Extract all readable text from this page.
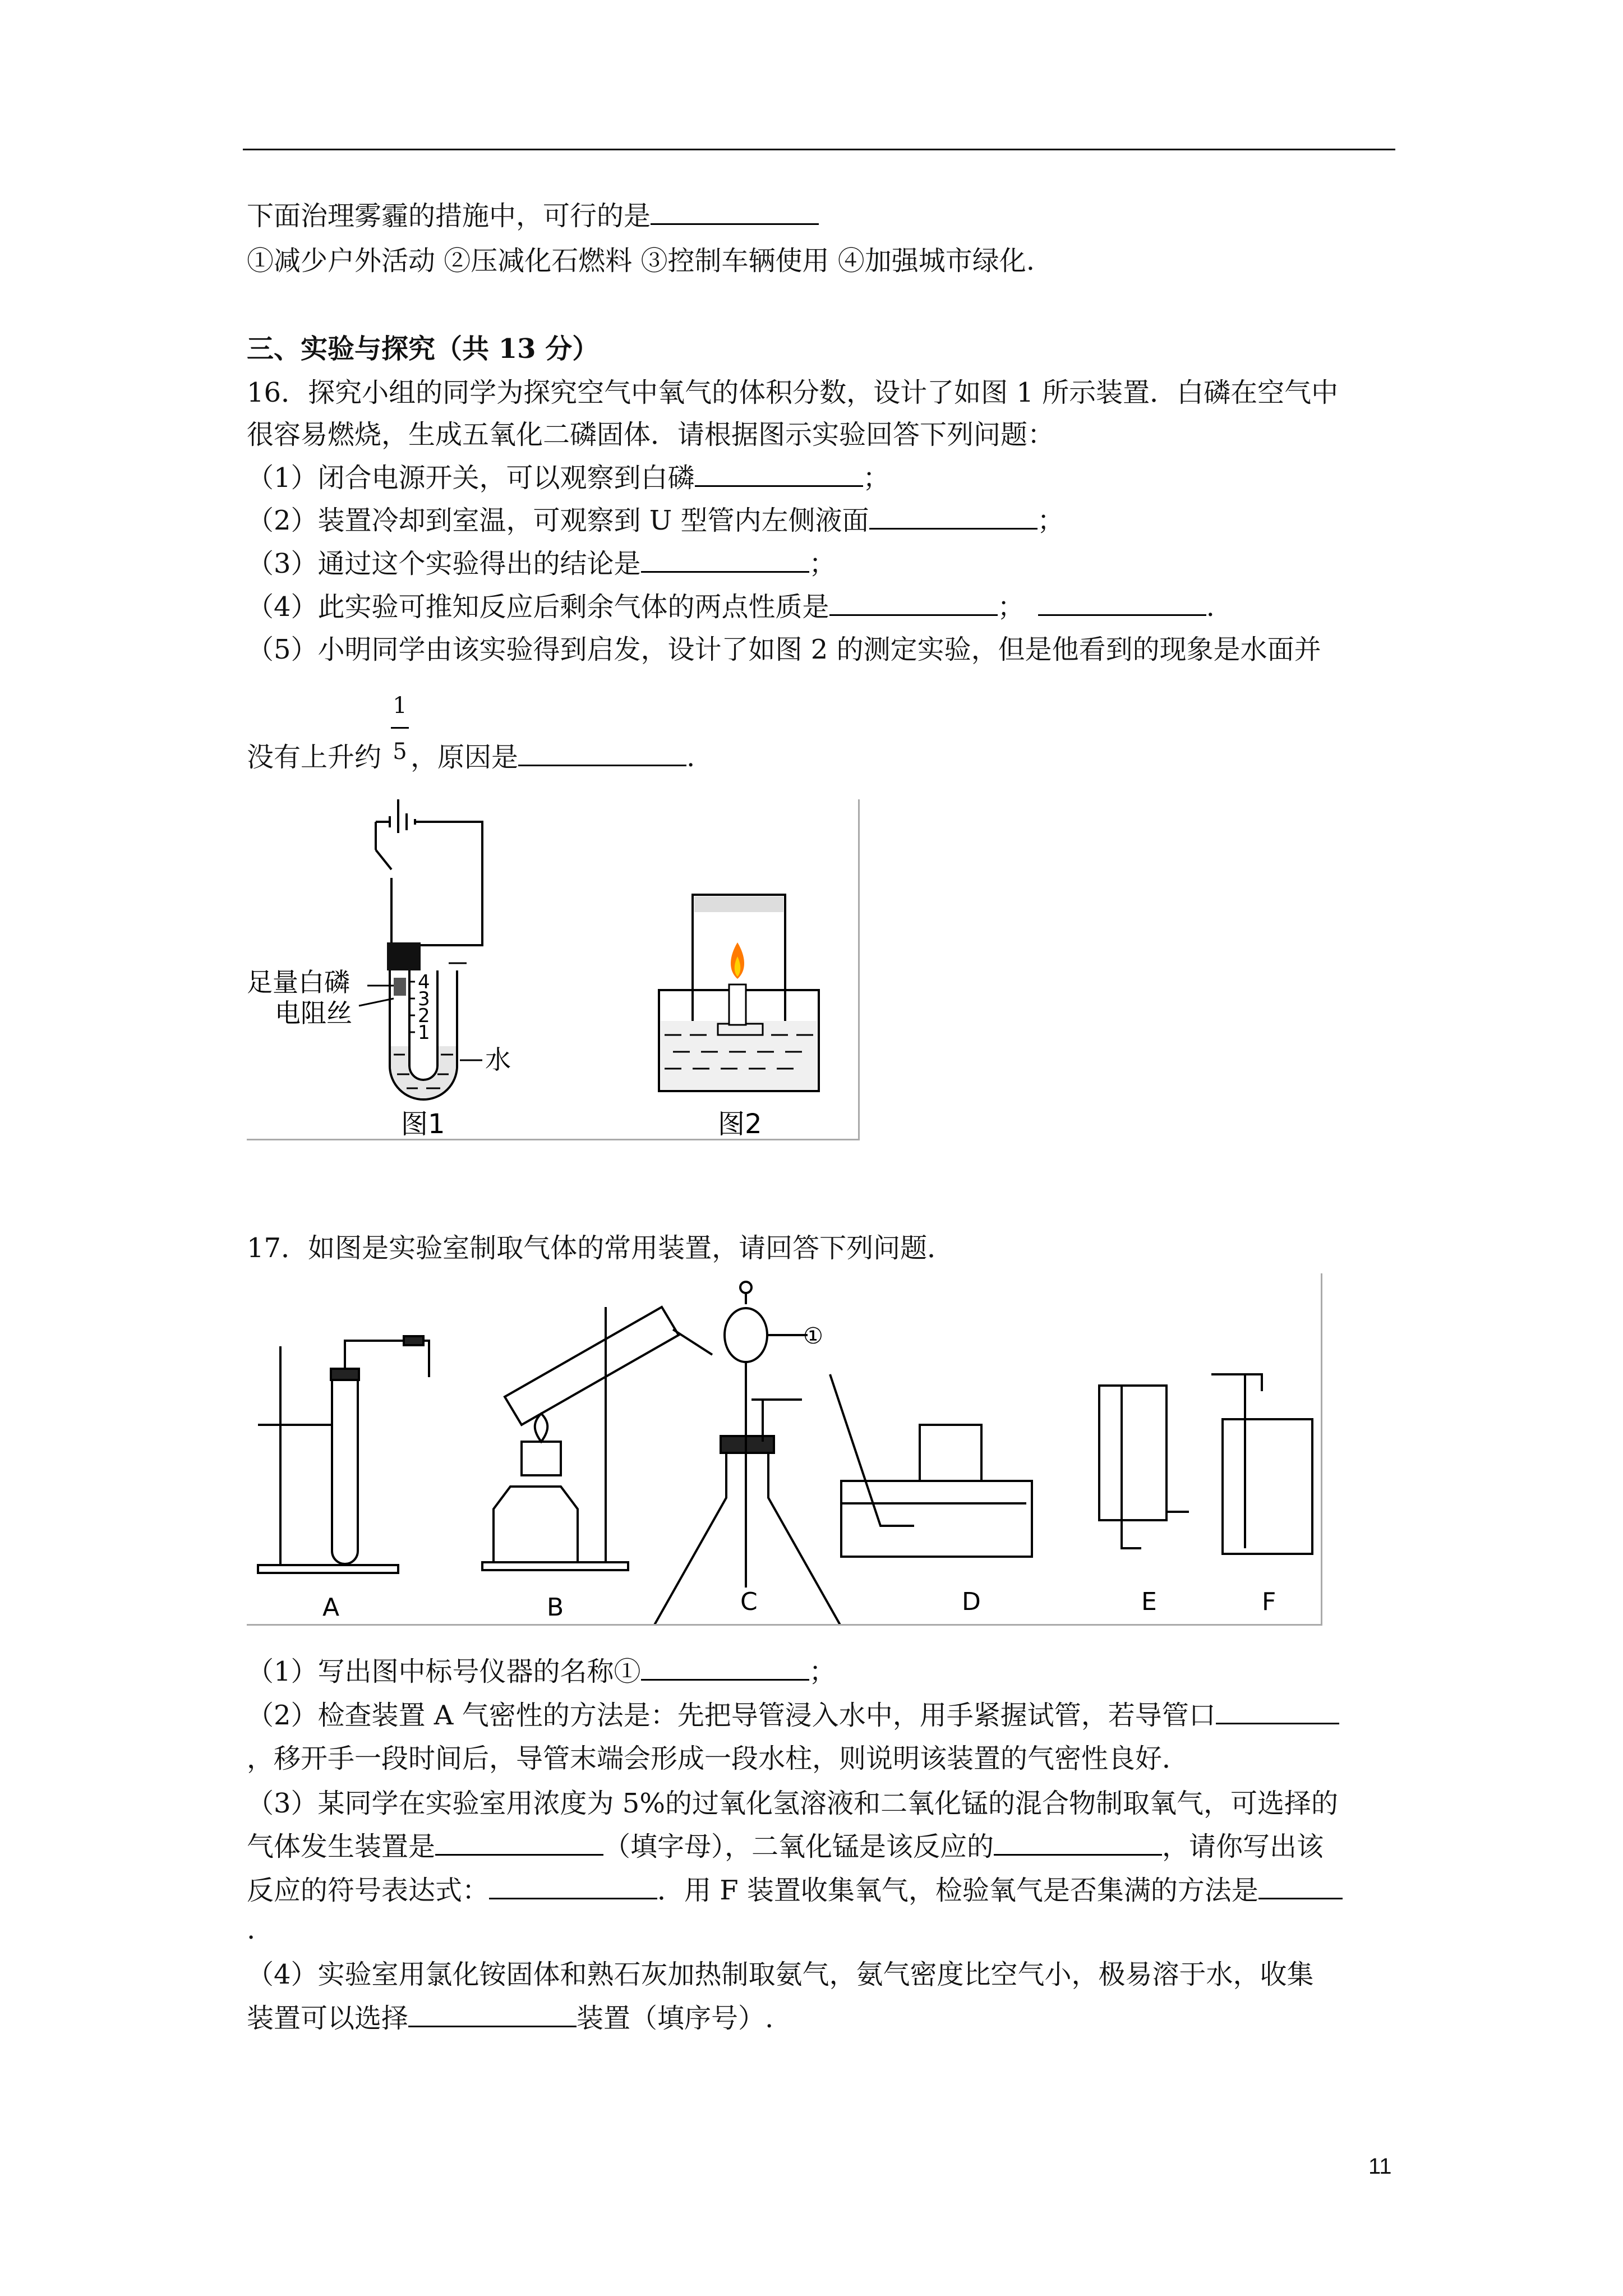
下面治理雾霾的措施中，可行的是
①减少户外活动 ②压减化石燃料 ③控制车辆使用 ④加强城市绿化.
三、实验与探究（共 13 分）
16．探究小组的同学为探究空气中氧气的体积分数，设计了如图 1 所示装置．白磷在空气中
很容易燃烧，生成五氧化二磷固体．请根据图示实验回答下列问题：
（1）闭合电源开关，可以观察到白磷	；
（2）装置冷却到室温，可观察到 U 型管内左侧液面	；
（3）通过这个实验得出的结论是	；
（4）此实验可推知反应后剩余气体的两点性质是	；	.
（5）小明同学由该实验得到启发，设计了如图 2 的测定实验，但是他看到的现象是水面并
没有上升约 ，原因是	.
1
5
4
3
2
1
足量白磷
电阻丝
水
图1	图2
17．如图是实验室制取气体的常用装置，请回答下列问题．
①
A	B	C	D	E	F
（1）写出图中标号仪器的名称①	；
（2）检查装置 A 气密性的方法是：先把导管浸入水中，用手紧握试管，若导管口
，移开手一段时间后，导管末端会形成一段水柱，则说明该装置的气密性良好．
（3）某同学在实验室用浓度为 5%的过氧化氢溶液和二氧化锰的混合物制取氧气，可选择的
气体发生装置是	（填字母），二氧化锰是该反应的	，请你写出该
反应的符号表达式：	．用 F 装置收集氧气，检验氧气是否集满的方法是
.
（4）实验室用氯化铵固体和熟石灰加热制取氨气，氨气密度比空气小，极易溶于水，收集
装置可以选择	装置（填序号）.
11
